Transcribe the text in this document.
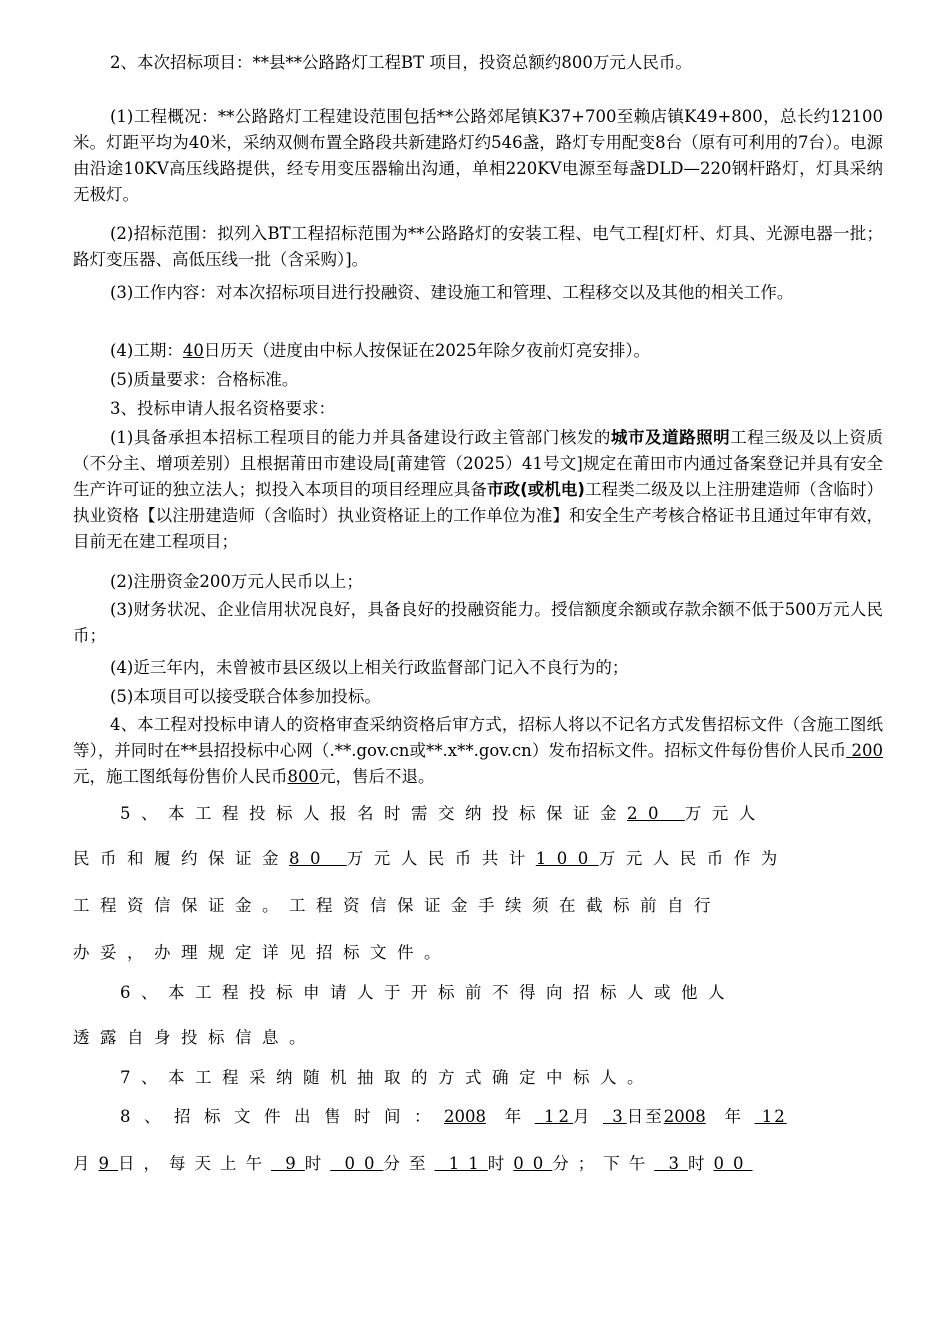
2、本次招标项目：**县**公路路灯工程BT 项目，投资总额约800万元人民币。
(1)工程概况：**公路路灯工程建设范围包括**公路郊尾镇K37+700至赖店镇K49+800，总长约12100米。灯距平均为40米，采纳双侧布置全路段共新建路灯约546盏，路灯专用配变8台（原有可利用的7台）。电源由沿途10KV高压线路提供，经专用变压器输出沟通，单相220KV电源至每盏DLD—220钢杆路灯，灯具采纳无极灯。
(2)招标范围：拟列入BT工程招标范围为**公路路灯的安装工程、电气工程[灯杆、灯具、光源电器一批；路灯变压器、高低压线一批（含采购）]。
(3)工作内容：对本次招标项目进行投融资、建设施工和管理、工程移交以及其他的相关工作。
(4)工期：40日历天（进度由中标人按保证在2025年除夕夜前灯亮安排）。
(5)质量要求：合格标准。
3、投标申请人报名资格要求：
(1)具备承担本招标工程项目的能力并具备建设行政主管部门核发的城市及道路照明工程三级及以上资质（不分主、增项差别）且根据莆田市建设局[莆建管（2025）41号文]规定在莆田市内通过备案登记并具有安全生产许可证的独立法人；拟投入本项目的项目经理应具备市政(或机电)工程类二级及以上注册建造师（含临时）执业资格【以注册建造师（含临时）执业资格证上的工作单位为准】和安全生产考核合格证书且通过年审有效，目前无在建工程项目；
(2)注册资金200万元人民币以上；
(3)财务状况、企业信用状况良好，具备良好的投融资能力。授信额度余额或存款余额不低于500万元人民币；
(4)近三年内，未曾被市县区级以上相关行政监督部门记入不良行为的；
(5)本项目可以接受联合体参加投标。
4、本工程对投标申请人的资格审查采纳资格后审方式，招标人将以不记名方式发售招标文件（含施工图纸等），并同时在**县招投标中心网（.**.gov.cn或**.x**.gov.cn）发布招标文件。招标文件每份售价人民币 200 元，施工图纸每份售价人民币800元，售后不退。
5、本工程投标人报名时需交纳投标保证金20 万元人
民币和履约保证金80 万元人民币共计100万元人民币作为
工程资信保证金。工程资信保证金手续须在截标前自行
办妥，办理规定详见招标文件。
6、本工程投标申请人于开标前不得向招标人或他人
透露自身投标信息。
7、本工程采纳随机抽取的方式确定中标人。
8、招标文件出售时间：2008 年 12月 3日至2008 年 12
月9日，每天上午 9时 00分至 11时00分；下午 3时00
